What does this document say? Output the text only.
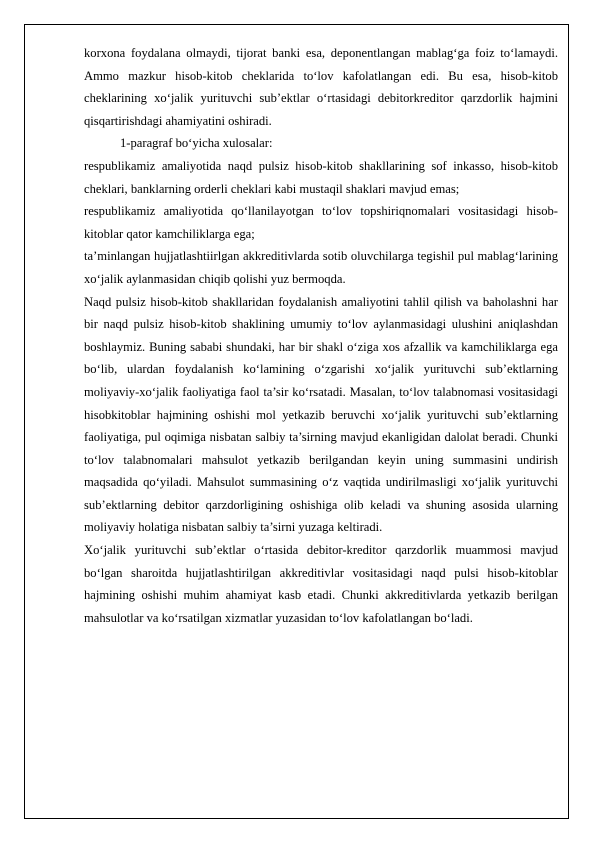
korxona foydalana olmaydi, tijorat banki esa, deponentlangan mablag‘ga foiz to‘lamaydi. Ammo mazkur hisob-kitob cheklarida to‘lov kafolatlangan edi. Bu esa, hisob-kitob cheklarining xo‘jalik yurituvchi sub’ektlar o‘rtasidagi debitorkreditor qarzdorlik hajmini qisqartirishdagi ahamiyatini oshiradi.

1-paragraf bo‘yicha xulosalar:

respublikamiz amaliyotida naqd pulsiz hisob-kitob shakllarining sof inkasso, hisob-kitob cheklari, banklarning orderli cheklari kabi mustaqil shaklari mavjud emas;

respublikamiz amaliyotida qo‘llanilayotgan to‘lov topshiriqnomalari vositasidagi hisob-kitoblar qator kamchiliklarga ega;

ta’minlangan hujjatlashtiirlgan akkreditivlarda sotib oluvchilarga tegishil pul mablag‘larining xo‘jalik aylanmasidan chiqib qolishi yuz bermoqda.

Naqd pulsiz hisob-kitob shakllaridan foydalanish amaliyotini tahlil qilish va baholashni har bir naqd pulsiz hisob-kitob shaklining umumiy to‘lov aylanmasidagi ulushini aniqlashdan boshlaymiz. Buning sababi shundaki, har bir shakl o‘ziga xos afzallik va kamchiliklarga ega bo‘lib, ulardan foydalanish ko‘lamining o‘zgarishi xo‘jalik yurituvchi sub’ektlarning moliyaviy-xo‘jalik faoliyatiga faol ta’sir ko‘rsatadi. Masalan, to‘lov talabnomasi vositasidagi hisobkitoblar hajmining oshishi mol yetkazib beruvchi xo‘jalik yurituvchi sub’ektlarning faoliyatiga, pul oqimiga nisbatan salbiy ta’sirning mavjud ekanligidan dalolat beradi. Chunki to‘lov talabnomalari mahsulot yetkazib berilgandan keyin uning summasini undirish maqsadida qo‘yiladi. Mahsulot summasining o‘z vaqtida undirilmasligi xo‘jalik yurituvchi sub’ektlarning debitor qarzdorligining oshishiga olib keladi va shuning asosida ularning moliyaviy holatiga nisbatan salbiy ta’sirni yuzaga keltiradi.

Xo‘jalik yurituvchi sub’ektlar o‘rtasida debitor-kreditor qarzdorlik muammosi mavjud bo‘lgan sharoitda hujjatlashtirilgan akkreditivlar vositasidagi naqd pulsi hisob-kitoblar hajmining oshishi muhim ahamiyat kasb etadi. Chunki akkreditivlarda yetkazib berilgan mahsulotlar va ko‘rsatilgan xizmatlar yuzasidan to‘lov kafolatlangan bo‘ladi.
